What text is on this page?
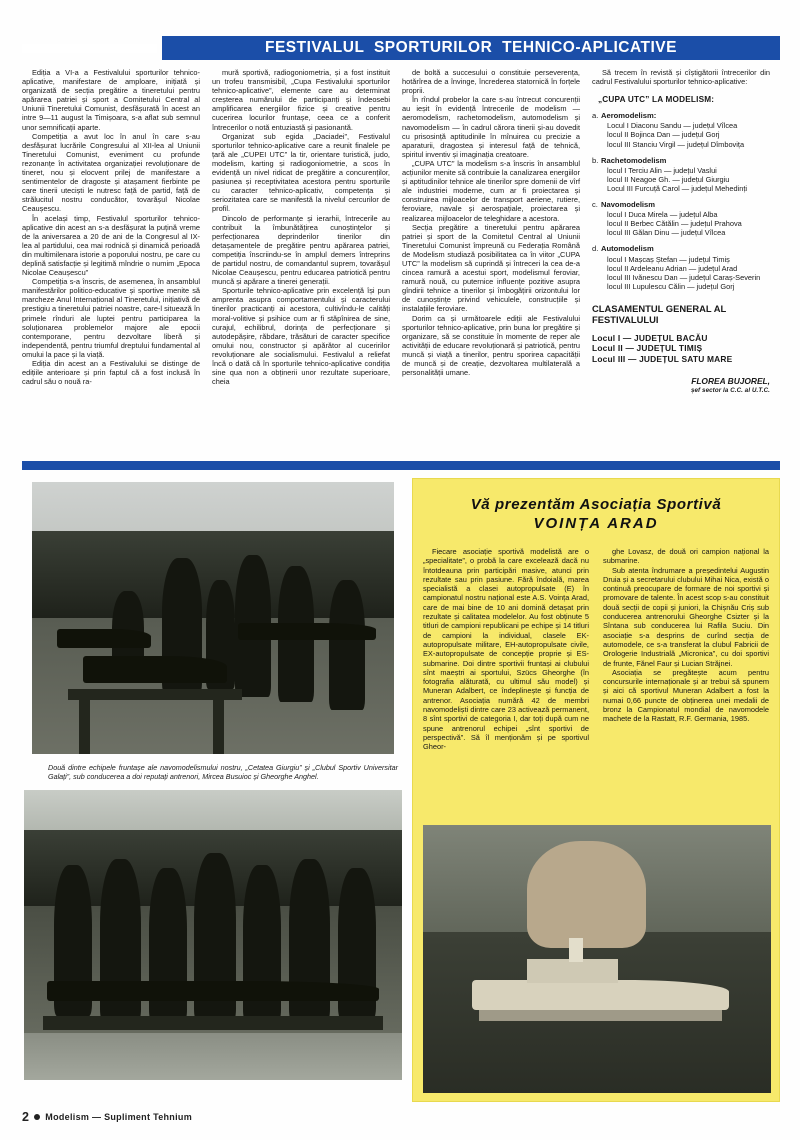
FESTIVALUL SPORTURILOR TEHNICO-APLICATIVE

Ediția a VI-a a Festivalului sporturilor tehnico-aplicative, manifestare de amploare, inițiată și organizată de secția pregătire a tineretului pentru apărarea patriei și sport a Comitetului Central al Uniunii Tineretului Comunist, desfășurată în acest an intre 9—11 august la Timișoara, s-a aflat sub semnul unor semnificații aparte.

Competiția a avut loc în anul în care s-au desfășurat lucrările Congresului al XII-lea al Uniunii Tineretului Comunist, eveniment cu profunde rezonanțe în activitatea organizației revoluționare de tineret, nou și elocvent prilej de manifestare a sentimentelor de dragoste și atașament fierbinte pe care tinerii uteciști le nutresc față de partid, față de strălucitul nostru conducător, tovarășul Nicolae Ceaușescu.

În același timp, Festivalul sporturilor tehnico-aplicative din acest an s-a desfășurat la puțină vreme de la aniversarea a 20 de ani de la Congresul al IX-lea al partidului, cea mai rodnică și dinamică perioadă din multimilenara istorie a poporului nostru, pe care cu deplină satisfacție și legitimă mîndrie o numim „Epoca Nicolae Ceaușescu”

Competiția s-a înscris, de asemenea, în ansamblul manifestărilor politico-educative și sportive menite să marcheze Anul Internațional al Tineretului, inițiativă de prestigiu a tineretului patriei noastre, care-l situează în primele rînduri ale luptei pentru participarea la soluționarea problemelor majore ale epocii contemporane, pentru dezvoltare liberă și independentă, pentru triumful dreptului fundamental al omului la pace și la viață.

Ediția din acest an a Festivalului se distinge de edițiile anterioare și prin faptul că a fost inclusă în cadrul său o nouă ra-

mură sportivă, radiogoniometria, și a fost instituit un trofeu transmisibil, „Cupa Festivalului sporturilor tehnico-aplicative”, elemente care au determinat creșterea numărului de participanți și îndeosebi amplificarea energiilor fizice și creative pentru cucerirea locurilor fruntașe, ceea ce a conferit întrecerilor o notă entuziastă și pasionantă.

Organizat sub egida „Daciadei”, Festivalul sporturilor tehnico-aplicative care a reunit finalele pe țară ale „CUPEI UTC” la tir, orientare turistică, judo, modelism, karting și radiogoniometrie, a scos în evidență un nivel ridicat de pregătire a concurenților, pasiunea și receptivitatea acestora pentru sporturile cu caracter tehnico-aplicativ, competența și seriozitatea care se manifestă la nivelul cercurilor de profil.

Dincolo de performanțe și ierarhii, întrecerile au contribuit la îmbunătățirea cunoștințelor și perfecționarea deprinderilor tinerilor din detașamentele de pregătire pentru apărarea patriei, competiția înscriindu-se în amplul demers întreprins de partidul nostru, de comandantul suprem, tovarășul Nicolae Ceaușescu, pentru educarea patriotică pentru muncă și apărare a tinerei generații.

Sporturile tehnico-aplicative prin excelență își pun amprenta asupra comportamentului și caracterului tinerilor practicanți ai acestora, cultivîndu-le calități moral-volitive și psihice cum ar fi stăpînirea de sine, curajul, echilibrul, dorința de perfecționare și autodepășire, răbdare, trăsături de caracter specifice omului nou, constructor și apărător al cuceririlor revoluționare ale socialismului. Festivalul a reliefat încă o dată că în sporturile tehnico-aplicative condiția sine qua non a obținerii unor rezultate superioare, cheia

de boltă a succesului o constituie perseverența, hotărîrea de a învinge, încrederea statornică în forțele proprii.

În rîndul probelor la care s-au întrecut concurenții au ieșit în evidență întrecerile de modelism — aeromodelism, rachetomodelism, automodelism și navomodelism — în cadrul cărora tinerii și-au dovedit cu prisosință aptitudinile în mînuirea cu precizie a aparaturii, dragostea și interesul față de tehnică, spiritul inventiv și imaginația creatoare.

„CUPA UTC” la modelism s-a înscris în ansamblul acțiunilor menite să contribuie la canalizarea energiilor și aptitudinilor tehnice ale tinerilor spre domenii de vîrf ale industriei moderne, cum ar fi proiectarea și construirea mijloacelor de transport aeriene, rutiere, feroviare, navale și aerospațiale, proiectarea și realizarea mijloacelor de teleghidare a acestora.

Secția pregătire a tineretului pentru apărarea patriei și sport de la Comitetul Central al Uniunii Tineretului Comunist împreună cu Federația Română de Modelism studiază posibilitatea ca în viitor „CUPA UTC” la modelism să cuprindă și întreceri la cea de-a cincea ramură a acestui sport, modelismul feroviar, ramură nouă, cu puternice influențe pozitive asupra gîndirii tehnice a tinerilor și îmbogățirii orizontului lor de cunoștințe privind vehiculele, construcțiile și instalațiile feroviare.

Dorim ca și următoarele ediții ale Festivalului sporturilor tehnico-aplicative, prin buna lor pregătire și organizare, să se constituie în momente de reper ale activității de educare revoluționară și patriotică, pentru muncă și viață a tinerilor, pentru sporirea capacității de muncă și de creație, dezvoltarea multilaterală a personalității umane.

Să trecem în revistă și cîștigătorii întrecerilor din cadrul Festivalului sporturilor tehnico-aplicative:

„CUPA UTC” LA MODELISM:
a. Aeromodelism:
Locul I Diaconu Sandu — județul Vîlcea
locul II Bojinca Dan — județul Gorj
locul III Stanciu Virgil — județul Dîmbovița
b. Rachetomodelism
locul I Terciu Alin — județul Vaslui
locul II Neagoe Gh. — județul Giurgiu
Locul III Furcuță Carol — județul Mehedinți
c. Navomodelism
locul I Duca Mirela — județul Alba
locul II Berbec Cătălin — județul Prahova
locul III Gălan Dinu — județul Vîlcea
d. Automodelism
locul I Mașcaș Ștefan — județul Timiș
locul II Ardeleanu Adrian — județul Arad
locul III Ivănescu Dan — județul Caraș-Severin
locul III Lupulescu Călin — județul Gorj
CLASAMENTUL GENERAL AL FESTIVALULUI
Locul I — JUDEȚUL BACĂU
Locul II — JUDEȚUL TIMIȘ
Locul III — JUDEȚUL SATU MARE
FLOREA BUJOREL,
șef sector la C.C. al U.T.C.
Două dintre echipele fruntașe ale navomodelismului nostru, „Cetatea Giurgiu” și „Clubul Sportiv Universitar Galați”, sub conducerea a doi reputați antrenori, Mircea Busuioc și Gheorghe Anghel.
Vă prezentăm Asociația Sportivă
VOINȚA ARAD

Fiecare asociație sportivă modelistă are o „specialitate”, o probă la care excelează dacă nu întotdeauna prin participări masive, atunci prin rezultate sau prin pasiune. Fără îndoială, marea specialistă a clasei autopropulsate (E) în campionatul nostru național este A.S. Voința Arad, care de mai bine de 10 ani domină detașat prin rezultate și calitatea modelelor. Au fost obținute 5 titluri de campioni republicani pe echipe și 14 titluri de campioni la individual, clasele EK-autopropulsate militare, EH-autopropulsate civile, EX-autopropulsate de concepție proprie și ES-submarine. Doi dintre sportivii fruntași ai clubului sînt maeștri ai sportului, Szücs Gheorghe (în fotografia alăturată, cu ultimul său model) și Muneran Adalbert, ce îndeplinește și funcția de antrenor. Asociația numără 42 de membri navomodeliști dintre care 23 activează permanent, 8 sînt sportivi de categoria I, dar toți după cum ne spune antrenorul echipei „sînt sportivi de perspectivă”. Să îl menționăm și pe sportivul Gheor-

ghe Lovasz, de două ori campion național la submarine.

Sub atenta îndrumare a președintelui Augustin Druia și a secretarului clubului Mihai Nica, există o continuă preocupare de formare de noi sportivi și promovare de talente. În acest scop s-au constituit două secții de copii și juniori, la Chișnău Criș sub conducerea antrenorului Gheorghe Csizter și la Sîntana sub conducerea lui Rafila Suciu. Din asociație s-a desprins de curînd secția de automodele, ce s-a transferat la clubul Fabricii de Orologerie Industrială „Micronica”, cu doi sportivi de frunte, Fănel Faur și Lucian Străjnei.

Asociația se pregătește acum pentru concursurile internaționale și ar trebui să spunem și aici că sportivul Muneran Adalbert a fost la numai 0,66 puncte de obținerea unei medalii de bronz la Campionatul mondial de navomodele machete de la Rastatt, R.F. Germania, 1985.

2 Modelism — Supliment Tehnium
